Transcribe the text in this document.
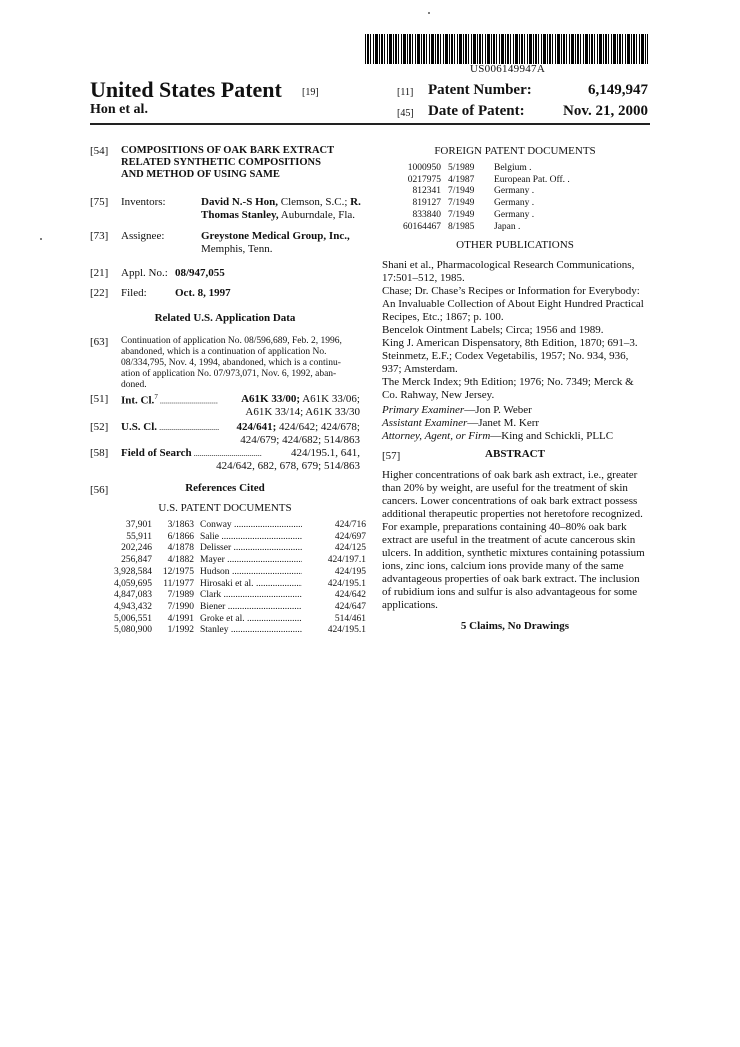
US006149947A
United States Patent [19]
Hon et al.
[11] Patent Number:	6,149,947
[45] Date of Patent:	Nov. 21, 2000
[54] COMPOSITIONS OF OAK BARK EXTRACT
RELATED SYNTHETIC COMPOSITIONS
AND METHOD OF USING SAME
[75] Inventors:	David N.-S Hon, Clemson, S.C.; R.
Thomas Stanley, Auburndale, Fla.
[73] Assignee:	Greystone Medical Group, Inc.,
Memphis, Tenn.
[21] Appl. No.: 08/947,055
[22] Filed:	Oct. 8, 1997
Related U.S. Application Data
[63] Continuation of application No. 08/596,689, Feb. 2, 1996,
abandoned, which is a continuation of application No.
08/334,795, Nov. 4, 1994, abandoned, which is a continu-
ation of application No. 07/973,071, Nov. 6, 1992, aban-
doned.
[51] Int. Cl.$^7$ .............................	A61K 33/00; A61K 33/06;
A61K 33/14; A61K 33/30
[52] U.S. Cl. ..............................	424/641; 424/642; 424/678;
424/679; 424/682; 514/863
[58] Field of Search ..................................	424/195.1, 641,
424/642, 682, 678, 679; 514/863
[56]	References Cited
U.S. PATENT DOCUMENTS
37,901	3/1863 Conway .....	424/716
55,911	6/1866 Salie .....	424/697
202,246	4/1878 Delisser .....	424/125
256,847	4/1882 Mayer .....	424/197.1
3,928,584	12/1975 Hudson .....	424/195
4,059,695	11/1977 Hirosaki et al. .....	424/195.1
4,847,083	7/1989 Clark .....	424/642
4,943,432	7/1990 Biener .....	424/647
5,006,551	4/1991 Groke et al. .....	514/461
5,080,900	1/1992 Stanley .....	424/195.1
FOREIGN PATENT DOCUMENTS
1000950 5/1989	Belgium .
0217975 4/1987	European Pat. Off. .
812341 7/1949	Germany .
819127 7/1949	Germany .
833840 7/1949	Germany .
60164467 8/1985	Japan .
OTHER PUBLICATIONS
Shani et al., Pharmacological Research Communications,
17:501–512, 1985.
Chase; Dr. Chase’s Recipes or Information for Everybody:
An Invaluable Collection of About Eight Hundred Practical
Recipes, Etc.; 1867; p. 100.
Bencelok Ointment Labels; Circa; 1956 and 1989.
King J. American Dispensatory, 8th Edition, 1870; 691–3.
Steinmetz, E.F.; Codex Vegetabilis, 1957; No. 934, 936,
937; Amsterdam.
The Merck Index; 9th Edition; 1976; No. 7349; Merck &
Co. Rahway, New Jersey.
Primary Examiner—Jon P. Weber
Assistant Examiner—Janet M. Kerr
Attorney, Agent, or Firm—King and Schickli, PLLC
[57]	ABSTRACT
Higher concentrations of oak bark ash extract, i.e., greater
than 20% by weight, are useful for the treatment of skin
cancers. Lower concentrations of oak bark extract possess
additional therapeutic properties not heretofore recognized.
For example, preparations containing 40–80% oak bark
extract are useful in the treatment of acute cancerous skin
ulcers. In addition, synthetic mixtures containing potassium
ions, zinc ions, calcium ions provide many of the same
advantageous properties of oak bark extract. The inclusion
of rubidium ions and sulfur is also advantageous for some
applications.
5 Claims, No Drawings
